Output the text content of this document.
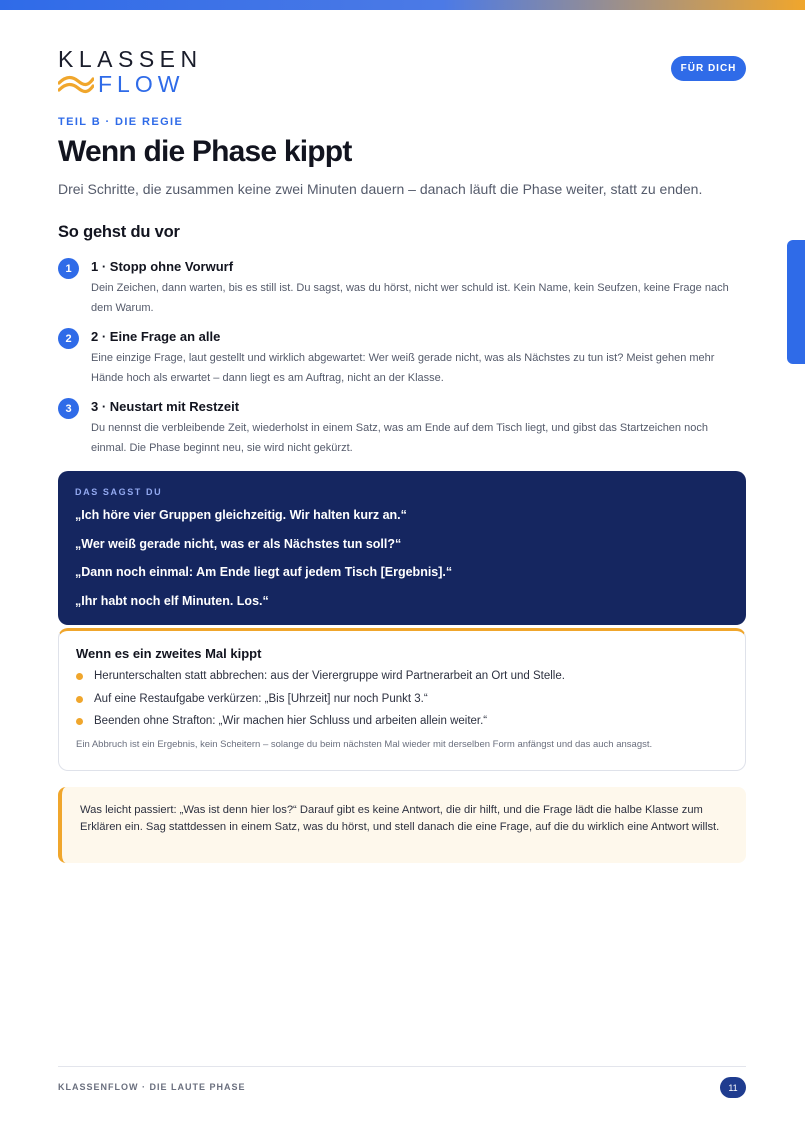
KLASSEN
FLOW
FÜR DICH
TEIL B · DIE REGIE
Wenn die Phase kippt

Drei Schritte, die zusammen keine zwei Minuten dauern – danach läuft die Phase weiter, statt zu enden.

So gehst du vor
1	1 · Stopp ohne Vorwurf
Dein Zeichen, dann warten, bis es still ist. Du sagst, was du hörst, nicht wer schuld ist. Kein Name, kein Seufzen, keine Frage nach dem Warum.
2	2 · Eine Frage an alle
Eine einzige Frage, laut gestellt und wirklich abgewartet: Wer weiß gerade nicht, was als Nächstes zu tun ist? Meist gehen mehr Hände hoch als erwartet – dann liegt es am Auftrag, nicht an der Klasse.
3	3 · Neustart mit Restzeit
Du nennst die verbleibende Zeit, wiederholst in einem Satz, was am Ende auf dem Tisch liegt, und gibst das Startzeichen noch einmal. Die Phase beginnt neu, sie wird nicht gekürzt.
DAS SAGST DU
„Ich höre vier Gruppen gleichzeitig. Wir halten kurz an.“
„Wer weiß gerade nicht, was er als Nächstes tun soll?“
„Dann noch einmal: Am Ende liegt auf jedem Tisch [Ergebnis].“
„Ihr habt noch elf Minuten. Los.“
Wenn es ein zweites Mal kippt
Herunterschalten statt abbrechen: aus der Vierergruppe wird Partnerarbeit an Ort und Stelle.
Auf eine Restaufgabe verkürzen: „Bis [Uhrzeit] nur noch Punkt 3.“
Beenden ohne Strafton: „Wir machen hier Schluss und arbeiten allein weiter.“
Ein Abbruch ist ein Ergebnis, kein Scheitern – solange du beim nächsten Mal wieder mit derselben Form anfängst und das auch ansagst.
Was leicht passiert: „Was ist denn hier los?“ Darauf gibt es keine Antwort, die dir hilft, und die Frage lädt die halbe Klasse zum Erklären ein. Sag stattdessen in einem Satz, was du hörst, und stell danach die eine Frage, auf die du wirklich eine Antwort willst.
KLASSENFLOW · DIE LAUTE PHASE	11
